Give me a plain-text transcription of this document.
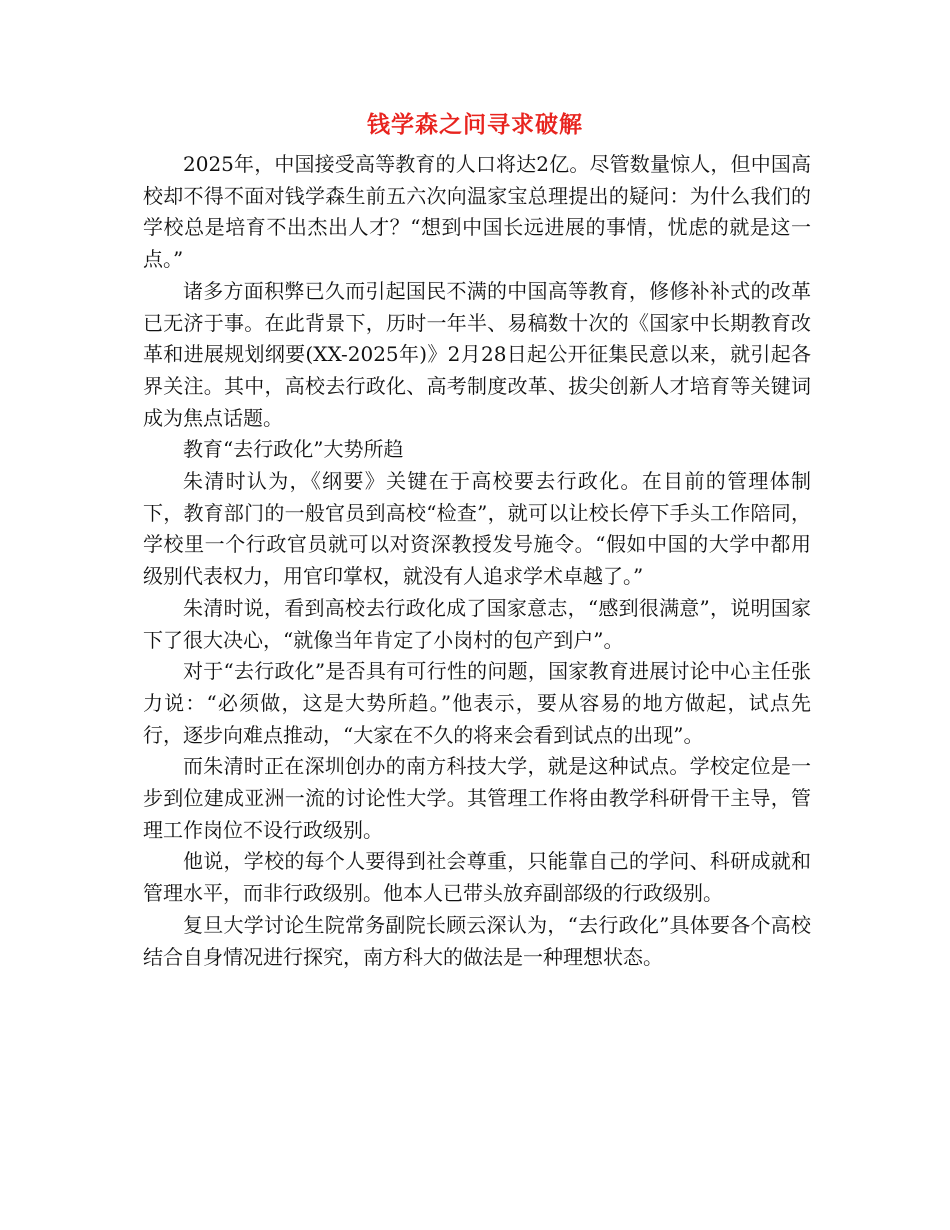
钱学森之问寻求破解

2025年，中国接受高等教育的人口将达2亿。尽管数量惊人，但中国高校却不得不面对钱学森生前五六次向温家宝总理提出的疑问：为什么我们的学校总是培育不出杰出人才？“想到中国长远进展的事情，忧虑的就是这一点。”

诸多方面积弊已久而引起国民不满的中国高等教育，修修补补式的改革已无济于事。在此背景下，历时一年半、易稿数十次的《国家中长期教育改革和进展规划纲要(XX-2025年)》2月28日起公开征集民意以来，就引起各界关注。其中，高校去行政化、高考制度改革、拔尖创新人才培育等关键词成为焦点话题。

教育“去行政化”大势所趋

朱清时认为，《纲要》关键在于高校要去行政化。在目前的管理体制下，教育部门的一般官员到高校“检查”，就可以让校长停下手头工作陪同，学校里一个行政官员就可以对资深教授发号施令。“假如中国的大学中都用级别代表权力，用官印掌权，就没有人追求学术卓越了。”

朱清时说，看到高校去行政化成了国家意志，“感到很满意”，说明国家下了很大决心，“就像当年肯定了小岗村的包产到户”。

对于“去行政化”是否具有可行性的问题，国家教育进展讨论中心主任张力说：“必须做，这是大势所趋。”他表示，要从容易的地方做起，试点先行，逐步向难点推动，“大家在不久的将来会看到试点的出现”。

而朱清时正在深圳创办的南方科技大学，就是这种试点。学校定位是一步到位建成亚洲一流的讨论性大学。其管理工作将由教学科研骨干主导，管理工作岗位不设行政级别。

他说，学校的每个人要得到社会尊重，只能靠自己的学问、科研成就和管理水平，而非行政级别。他本人已带头放弃副部级的行政级别。

复旦大学讨论生院常务副院长顾云深认为，“去行政化”具体要各个高校结合自身情况进行探究，南方科大的做法是一种理想状态。
